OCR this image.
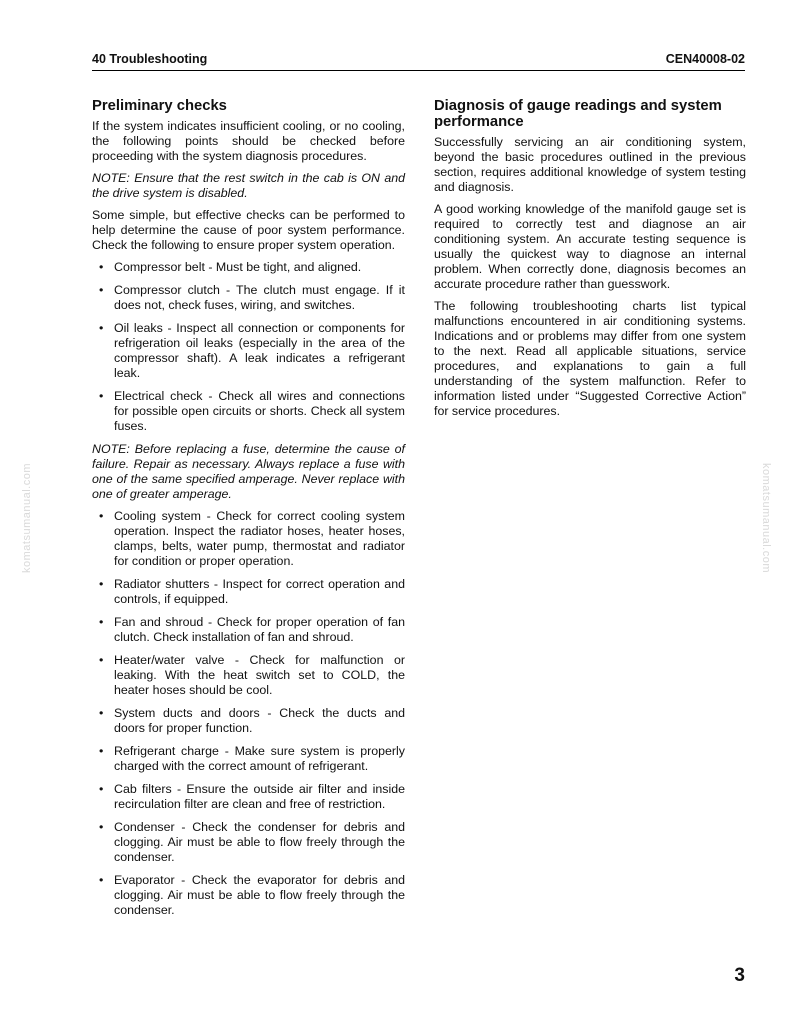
40 Troubleshooting	CEN40008-02
Preliminary checks

If the system indicates insufficient cooling, or no cooling, the following points should be checked before proceeding with the system diagnosis procedures.

NOTE: Ensure that the rest switch in the cab is ON and the drive system is disabled.

Some simple, but effective checks can be performed to help determine the cause of poor system performance. Check the following to ensure proper system operation.

• Compressor belt - Must be tight, and aligned.
• Compressor clutch - The clutch must engage. If it does not, check fuses, wiring, and switches.
• Oil leaks - Inspect all connection or components for refrigeration oil leaks (especially in the area of the compressor shaft). A leak indicates a refrigerant leak.
• Electrical check - Check all wires and connections for possible open circuits or shorts. Check all system fuses.

NOTE: Before replacing a fuse, determine the cause of failure. Repair as necessary. Always replace a fuse with one of the same specified amperage. Never replace with one of greater amperage.

• Cooling system - Check for correct cooling system operation. Inspect the radiator hoses, heater hoses, clamps, belts, water pump, thermostat and radiator for condition or proper operation.
• Radiator shutters - Inspect for correct operation and controls, if equipped.
• Fan and shroud - Check for proper operation of fan clutch. Check installation of fan and shroud.
• Heater/water valve - Check for malfunction or leaking. With the heat switch set to COLD, the heater hoses should be cool.
• System ducts and doors - Check the ducts and doors for proper function.
• Refrigerant charge - Make sure system is properly charged with the correct amount of refrigerant.
• Cab filters - Ensure the outside air filter and inside recirculation filter are clean and free of restriction.
• Condenser - Check the condenser for debris and clogging. Air must be able to flow freely through the condenser.
• Evaporator - Check the evaporator for debris and clogging. Air must be able to flow freely through the condenser.
Diagnosis of gauge readings and system performance

Successfully servicing an air conditioning system, beyond the basic procedures outlined in the previous section, requires additional knowledge of system testing and diagnosis.

A good working knowledge of the manifold gauge set is required to correctly test and diagnose an air conditioning system. An accurate testing sequence is usually the quickest way to diagnose an internal problem. When correctly done, diagnosis becomes an accurate procedure rather than guesswork.

The following troubleshooting charts list typical malfunctions encountered in air conditioning systems. Indications and or problems may differ from one system to the next. Read all applicable situations, service procedures, and explanations to gain a full understanding of the system malfunction. Refer to information listed under “Suggested Corrective Action” for service procedures.

3
komatsumanual.com	komatsumanual.com
